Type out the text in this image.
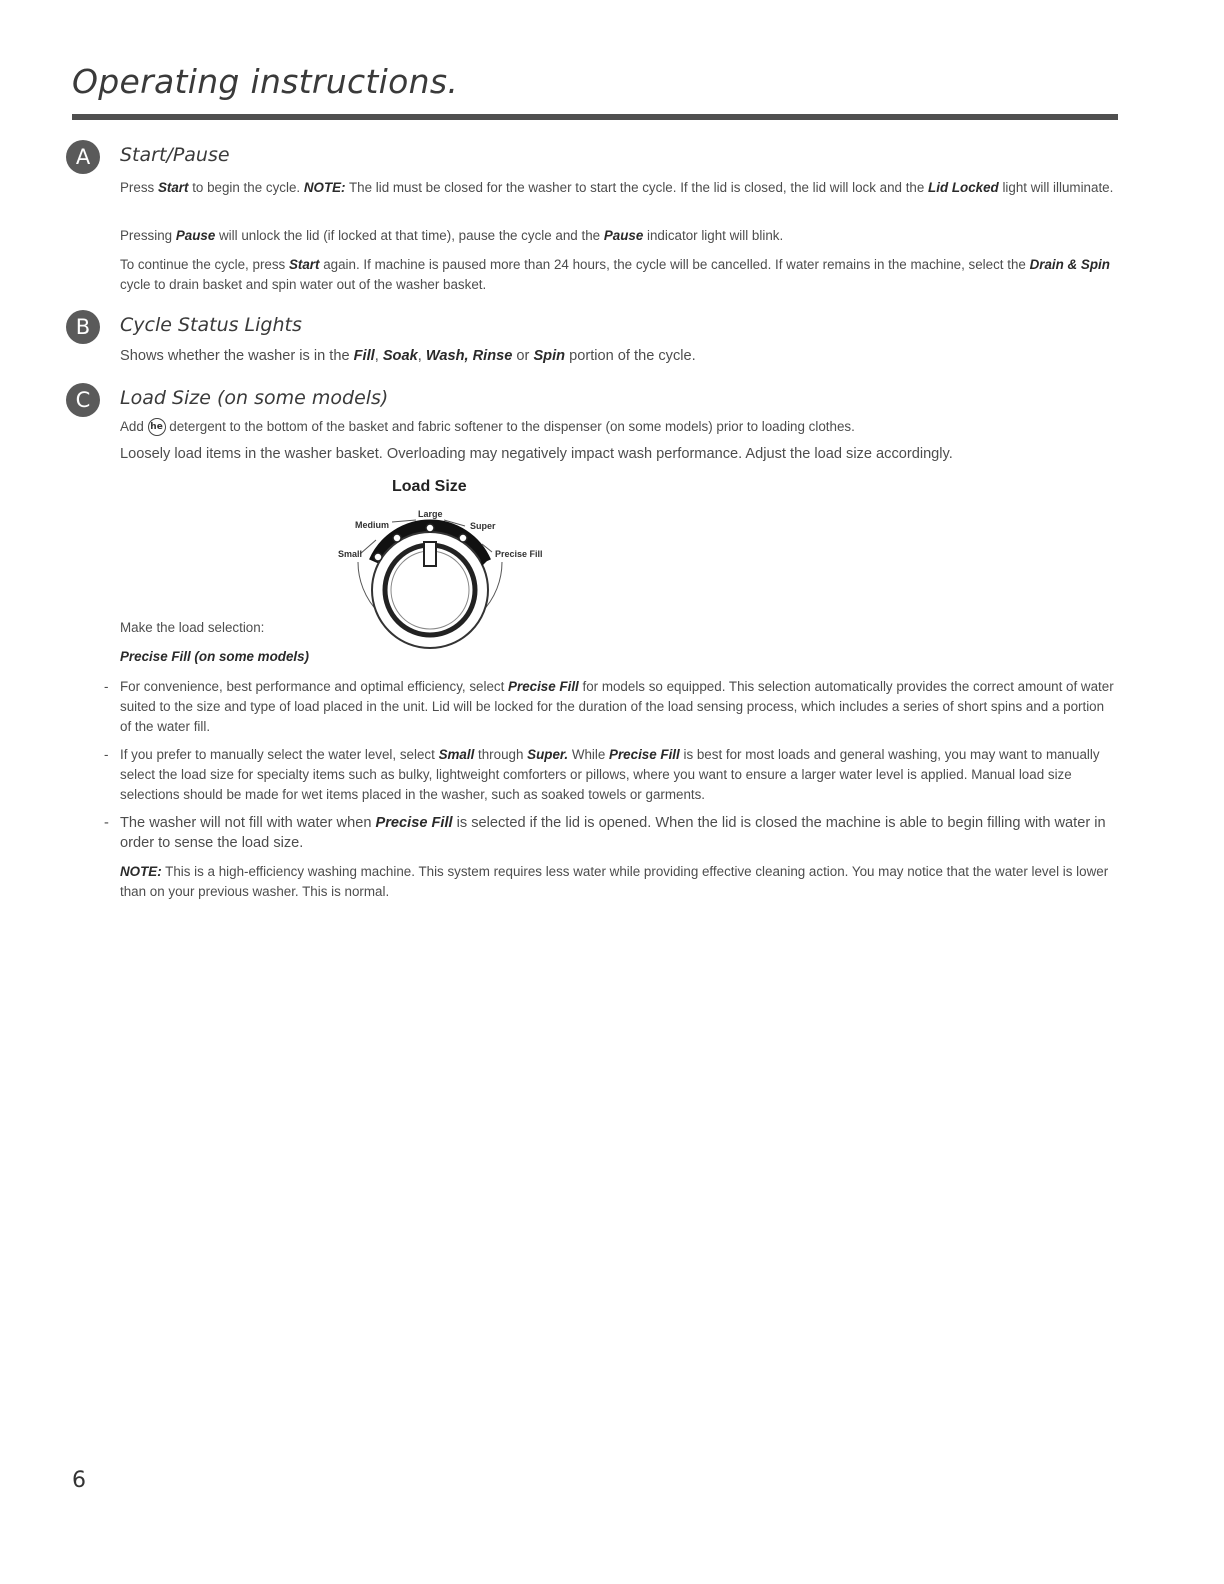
Operating instructions.
A	Start/Pause

Press Start to begin the cycle. NOTE: The lid must be closed for the washer to start the cycle. If the lid is closed, the lid will lock and the Lid Locked light will illuminate.

Pressing Pause will unlock the lid (if locked at that time), pause the cycle and the Pause indicator light will blink.

To continue the cycle, press Start again. If machine is paused more than 24 hours, the cycle will be cancelled. If water remains in the machine, select the Drain & Spin cycle to drain basket and spin water out of the washer basket.

B	Cycle Status Lights

Shows whether the washer is in the Fill, Soak, Wash, Rinse or Spin portion of the cycle.

C	Load Size (on some models)

Add he detergent to the bottom of the basket and fabric softener to the dispenser (on some models) prior to loading clothes.

Loosely load items in the washer basket. Overloading may negatively impact wash performance. Adjust the load size accordingly.

Load Size
Small
Medium
Large
Super
Precise Fill

Make the load selection:

Precise Fill (on some models)

- For convenience, best performance and optimal efficiency, select Precise Fill for models so equipped. This selection automatically provides the correct amount of water suited to the size and type of load placed in the unit. Lid will be locked for the duration of the load sensing process, which includes a series of short spins and a portion of the water fill.
- If you prefer to manually select the water level, select Small through Super. While Precise Fill is best for most loads and general washing, you may want to manually select the load size for specialty items such as bulky, lightweight comforters or pillows, where you want to ensure a larger water level is applied. Manual load size selections should be made for wet items placed in the washer, such as soaked towels or garments.
- The washer will not fill with water when Precise Fill is selected if the lid is opened. When the lid is closed the machine is able to begin filling with water in order to sense the load size.

NOTE: This is a high-efficiency washing machine. This system requires less water while providing effective cleaning action. You may notice that the water level is lower than on your previous washer. This is normal.

6
